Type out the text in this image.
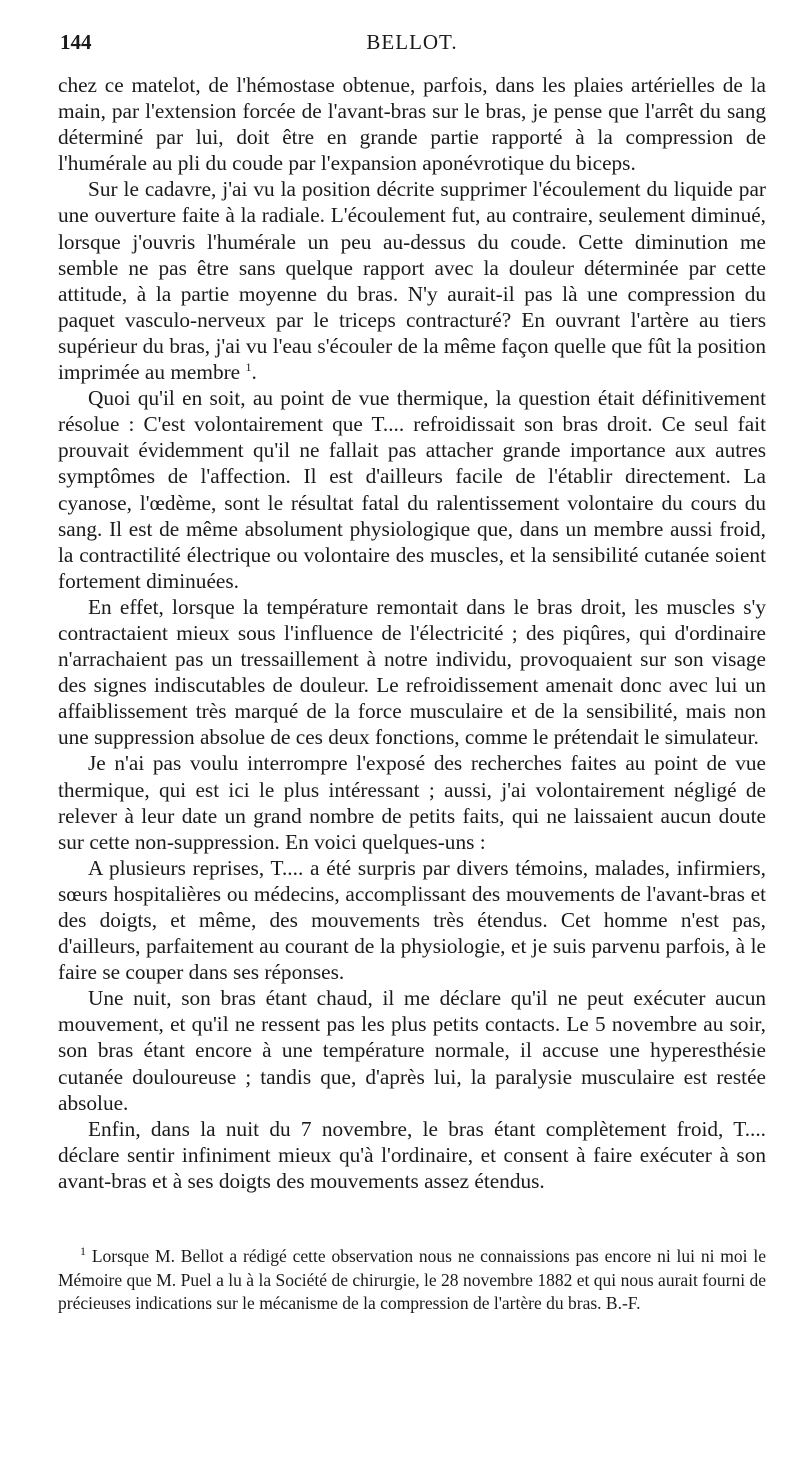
144	BELLOT.

chez ce matelot, de l'hémostase obtenue, parfois, dans les plaies artérielles de la main, par l'extension forcée de l'avant-bras sur le bras, je pense que l'arrêt du sang déterminé par lui, doit être en grande partie rapporté à la compression de l'humérale au pli du coude par l'expansion aponévrotique du biceps.

Sur le cadavre, j'ai vu la position décrite supprimer l'écoulement du liquide par une ouverture faite à la radiale. L'écoulement fut, au contraire, seulement diminué, lorsque j'ouvris l'humérale un peu au-dessus du coude. Cette diminution me semble ne pas être sans quelque rapport avec la douleur déterminée par cette attitude, à la partie moyenne du bras. N'y aurait-il pas là une compression du paquet vasculo-nerveux par le triceps contracturé? En ouvrant l'artère au tiers supérieur du bras, j'ai vu l'eau s'écouler de la même façon quelle que fût la position imprimée au membre $^1$.

Quoi qu'il en soit, au point de vue thermique, la question était définitivement résolue : C'est volontairement que T.... refroidissait son bras droit. Ce seul fait prouvait évidemment qu'il ne fallait pas attacher grande importance aux autres symptômes de l'affection. Il est d'ailleurs facile de l'établir directement. La cyanose, l'œdème, sont le résultat fatal du ralentissement volontaire du cours du sang. Il est de même absolument physiologique que, dans un membre aussi froid, la contractilité électrique ou volontaire des muscles, et la sensibilité cutanée soient fortement diminuées.

En effet, lorsque la température remontait dans le bras droit, les muscles s'y contractaient mieux sous l'influence de l'électricité ; des piqûres, qui d'ordinaire n'arrachaient pas un tressaillement à notre individu, provoquaient sur son visage des signes indiscutables de douleur. Le refroidissement amenait donc avec lui un affaiblissement très marqué de la force musculaire et de la sensibilité, mais non une suppression absolue de ces deux fonctions, comme le prétendait le simulateur.

Je n'ai pas voulu interrompre l'exposé des recherches faites au point de vue thermique, qui est ici le plus intéressant ; aussi, j'ai volontairement négligé de relever à leur date un grand nombre de petits faits, qui ne laissaient aucun doute sur cette non-suppression. En voici quelques-uns :

A plusieurs reprises, T.... a été surpris par divers témoins, malades, infirmiers, sœurs hospitalières ou médecins, accomplissant des mouvements de l'avant-bras et des doigts, et même, des mouvements très étendus. Cet homme n'est pas, d'ailleurs, parfaitement au courant de la physiologie, et je suis parvenu parfois, à le faire se couper dans ses réponses.

Une nuit, son bras étant chaud, il me déclare qu'il ne peut exécuter aucun mouvement, et qu'il ne ressent pas les plus petits contacts. Le 5 novembre au soir, son bras étant encore à une température normale, il accuse une hyperesthésie cutanée douloureuse ; tandis que, d'après lui, la paralysie musculaire est restée absolue.

Enfin, dans la nuit du 7 novembre, le bras étant complètement froid, T.... déclare sentir infiniment mieux qu'à l'ordinaire, et consent à faire exécuter à son avant-bras et à ses doigts des mouvements assez étendus.

$^1$ Lorsque M. Bellot a rédigé cette observation nous ne connaissions pas encore ni lui ni moi le Mémoire que M. Puel a lu à la Société de chirurgie, le 28 novembre 1882 et qui nous aurait fourni de précieuses indications sur le mécanisme de la compression de l'artère du bras. B.-F.
